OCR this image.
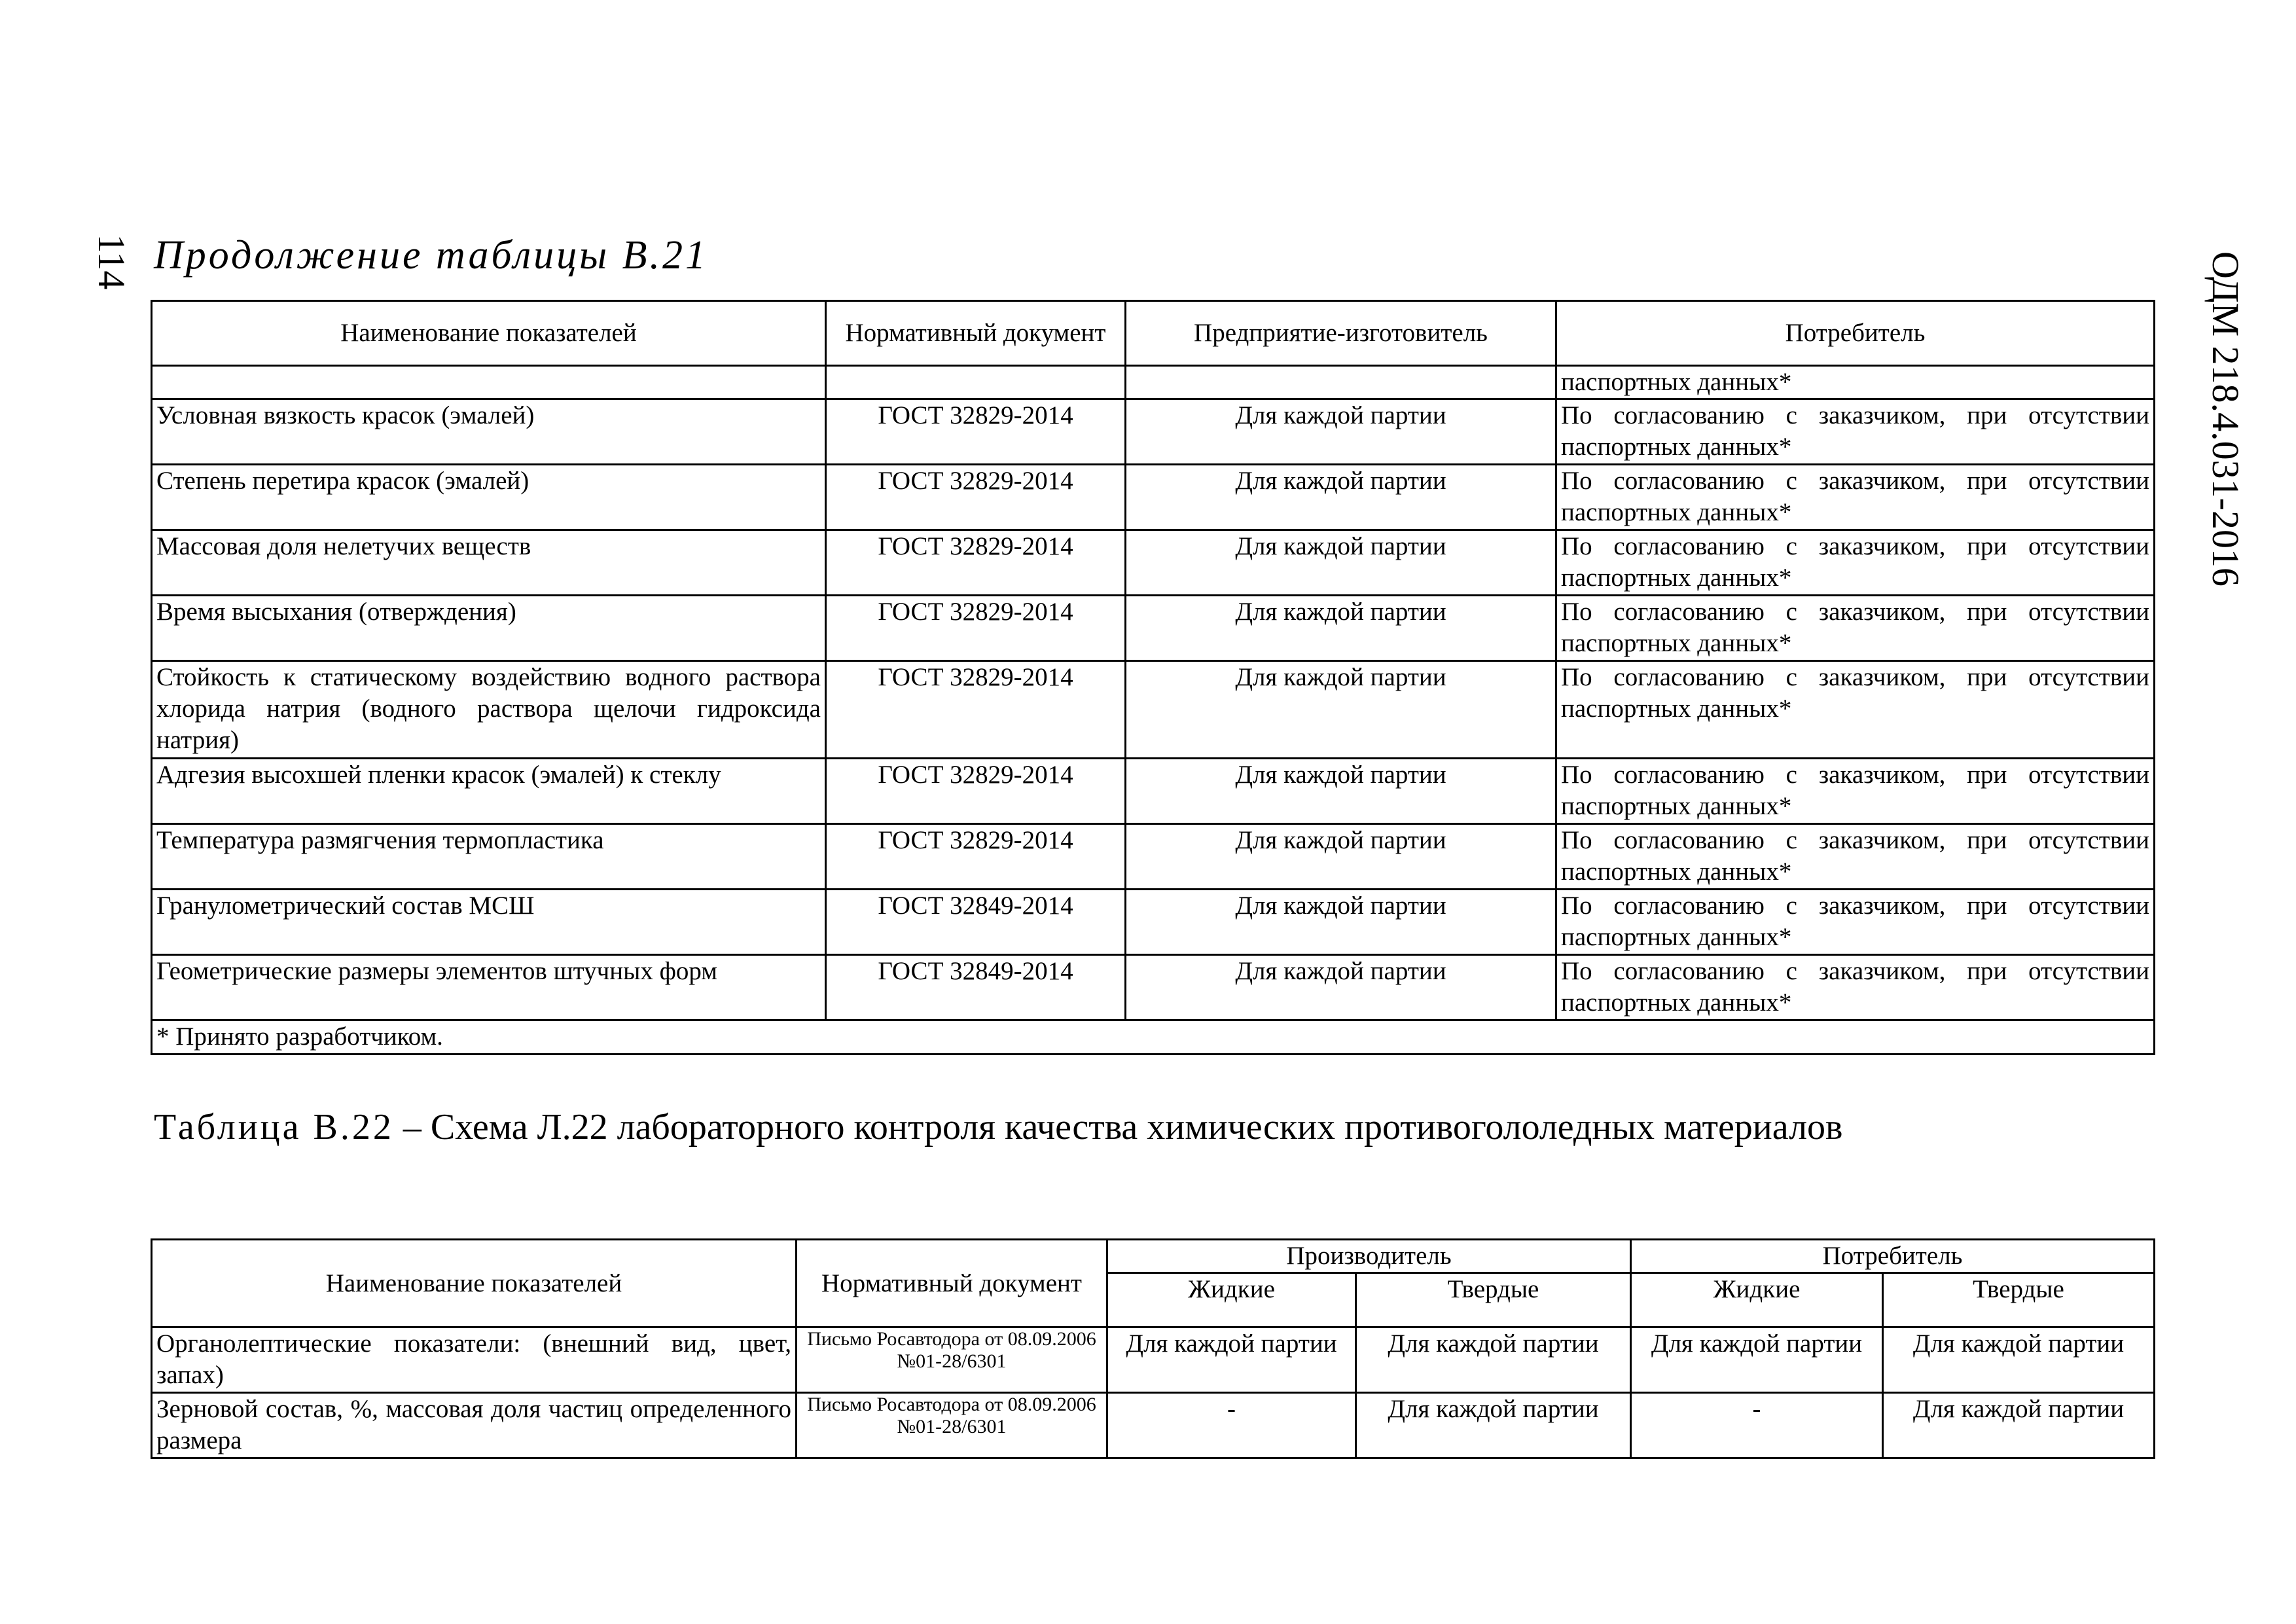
114	ОДМ 218.4.031-2016
Продолжение таблицы В.21
Наименование показателей	Нормативный документ	Предприятие-изготовитель	Потребитель
			паспортных данных*
Условная вязкость красок (эмалей)	ГОСТ 32829-2014	Для каждой партии	По согласованию с заказчиком, при отсутствии паспортных данных*
Степень перетира красок (эмалей)	ГОСТ 32829-2014	Для каждой партии	По согласованию с заказчиком, при отсутствии паспортных данных*
Массовая доля нелетучих веществ	ГОСТ 32829-2014	Для каждой партии	По согласованию с заказчиком, при отсутствии паспортных данных*
Время высыхания (отверждения)	ГОСТ 32829-2014	Для каждой партии	По согласованию с заказчиком, при отсутствии паспортных данных*
Стойкость к статическому воздействию водного раствора хлорида натрия (водного раствора щелочи гидроксида натрия)	ГОСТ 32829-2014	Для каждой партии	По согласованию с заказчиком, при отсутствии паспортных данных*
Адгезия высохшей пленки красок (эмалей) к стеклу	ГОСТ 32829-2014	Для каждой партии	По согласованию с заказчиком, при отсутствии паспортных данных*
Температура размягчения термопластика	ГОСТ 32829-2014	Для каждой партии	По согласованию с заказчиком, при отсутствии паспортных данных*
Гранулометрический состав МСШ	ГОСТ 32849-2014	Для каждой партии	По согласованию с заказчиком, при отсутствии паспортных данных*
Геометрические размеры элементов штучных форм	ГОСТ 32849-2014	Для каждой партии	По согласованию с заказчиком, при отсутствии паспортных данных*
* Принято разработчиком.			
Таблица В.22 – Схема Л.22 лабораторного контроля качества химических противогололедных материалов
Наименование показателей	Нормативный документ	Производитель		Потребитель	
		Жидкие	Твердые	Жидкие	Твердые
Органолептические показатели: (внешний вид, цвет, запах)	Письмо Росавтодора от 08.09.2006 №01-28/6301	Для каждой партии	Для каждой партии	Для каждой партии	Для каждой партии
Зерновой состав, %, массовая доля частиц определенного размера	Письмо Росавтодора от 08.09.2006 №01-28/6301	-	Для каждой партии	-	Для каждой партии
